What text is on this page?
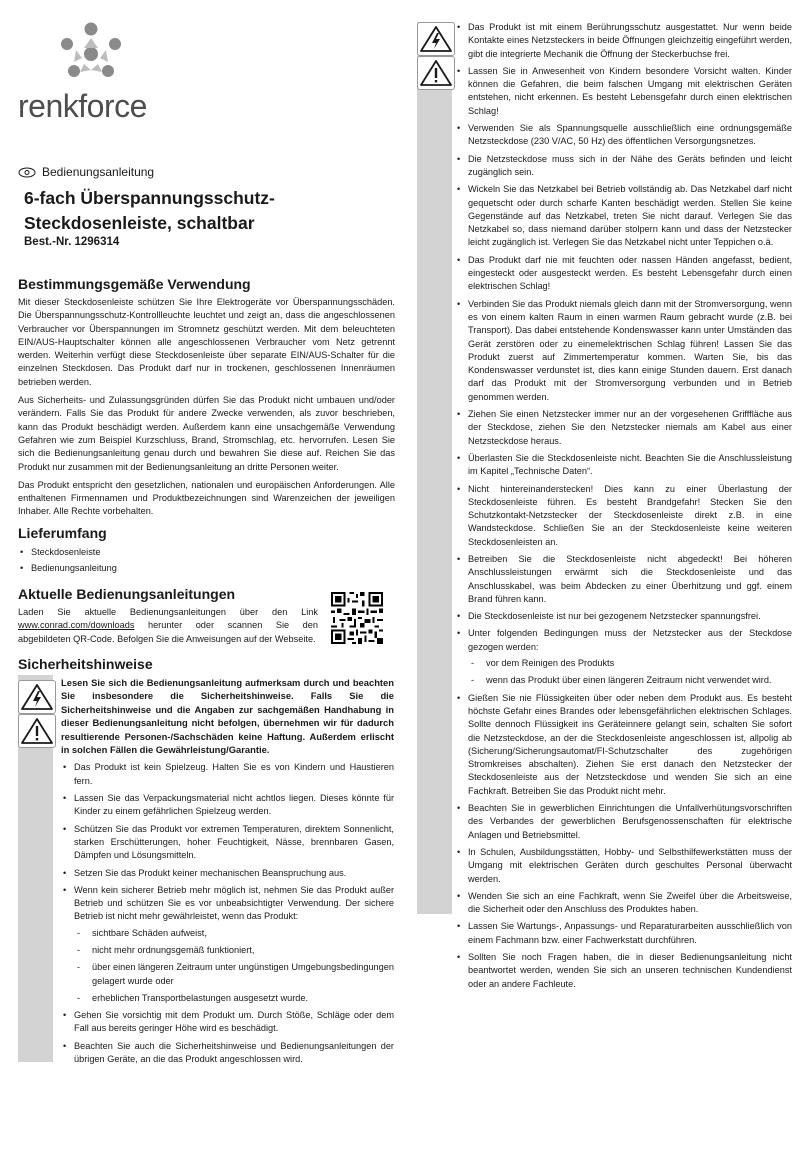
renkforce
Bedienungsanleitung
6-fach Überspannungsschutz-
Steckdosenleiste, schaltbar
Best.-Nr. 1296314
Bestimmungsgemäße Verwendung

Mit dieser Steckdosenleiste schützen Sie Ihre Elektrogeräte vor Überspannungsschäden. Die Überspannungsschutz-Kontrollleuchte leuchtet und zeigt an, dass die angeschlossenen Verbraucher vor Überspannungen im Stromnetz geschützt werden. Mit dem beleuchteten EIN/AUS-Hauptschalter können alle angeschlossenen Verbraucher vom Netz getrennt werden. Weiterhin verfügt diese Steckdosenleiste über separate EIN/AUS-Schalter für die einzelnen Steckdosen. Das Produkt darf nur in trockenen, geschlossenen Innenräumen betrieben werden.

Aus Sicherheits- und Zulassungsgründen dürfen Sie das Produkt nicht umbauen und/oder verändern. Falls Sie das Produkt für andere Zwecke verwenden, als zuvor beschrieben, kann das Produkt beschädigt werden. Außerdem kann eine unsachgemäße Verwendung Gefahren wie zum Beispiel Kurzschluss, Brand, Stromschlag, etc. hervorrufen. Lesen Sie sich die Bedienungsanleitung genau durch und bewahren Sie diese auf. Reichen Sie das Produkt nur zusammen mit der Bedienungsanleitung an dritte Personen weiter.

Das Produkt entspricht den gesetzlichen, nationalen und europäischen Anforderungen. Alle enthaltenen Firmennamen und Produktbezeichnungen sind Warenzeichen der jeweiligen Inhaber. Alle Rechte vorbehalten.

Lieferumfang
• Steckdosenleiste
• Bedienungsanleitung
Aktuelle Bedienungsanleitungen

Laden Sie aktuelle Bedienungsanleitungen über den Link www.conrad.com/downloads herunter oder scannen Sie den abgebildeten QR-Code. Befolgen Sie die Anweisungen auf der Webseite.

Sicherheitshinweise

Lesen Sie sich die Bedienungsanleitung aufmerksam durch und beachten Sie insbesondere die Sicherheitshinweise. Falls Sie die Sicherheitshinweise und die Angaben zur sachgemäßen Handhabung in dieser Bedienungsanleitung nicht befolgen, übernehmen wir für dadurch resultierende Personen-/Sachschäden keine Haftung. Außerdem erlischt in solchen Fällen die Gewährleistung/Garantie.

• Das Produkt ist kein Spielzeug. Halten Sie es von Kindern und Haustieren fern.
• Lassen Sie das Verpackungsmaterial nicht achtlos liegen. Dieses könnte für Kinder zu einem gefährlichen Spielzeug werden.
• Schützen Sie das Produkt vor extremen Temperaturen, direktem Sonnenlicht, starken Erschütterungen, hoher Feuchtigkeit, Nässe, brennbaren Gasen, Dämpfen und Lösungsmitteln.
• Setzen Sie das Produkt keiner mechanischen Beanspruchung aus.
• Wenn kein sicherer Betrieb mehr möglich ist, nehmen Sie das Produkt außer Betrieb und schützen Sie es vor unbeabsichtigter Verwendung. Der sichere Betrieb ist nicht mehr gewährleistet, wenn das Produkt:
- sichtbare Schäden aufweist,
- nicht mehr ordnungsgemäß funktioniert,
- über einen längeren Zeitraum unter ungünstigen Umgebungsbedingungen gelagert wurde oder
- erheblichen Transportbelastungen ausgesetzt wurde.
• Gehen Sie vorsichtig mit dem Produkt um. Durch Stöße, Schläge oder dem Fall aus bereits geringer Höhe wird es beschädigt.
• Beachten Sie auch die Sicherheitshinweise und Bedienungsanleitungen der übrigen Geräte, an die das Produkt angeschlossen wird.
• Das Produkt ist mit einem Berührungsschutz ausgestattet. Nur wenn beide Kontakte eines Netzsteckers in beide Öffnungen gleichzeitig eingeführt werden, gibt die integrierte Mechanik die Öffnung der Steckerbuchse frei.
• Lassen Sie in Anwesenheit von Kindern besondere Vorsicht walten. Kinder können die Gefahren, die beim falschen Umgang mit elektrischen Geräten entstehen, nicht erkennen. Es besteht Lebensgefahr durch einen elektrischen Schlag!
• Verwenden Sie als Spannungsquelle ausschließlich eine ordnungsgemäße Netzsteckdose (230 V/AC, 50 Hz) des öffentlichen Versorgungsnetzes.
• Die Netzsteckdose muss sich in der Nähe des Geräts befinden und leicht zugänglich sein.
• Wickeln Sie das Netzkabel bei Betrieb vollständig ab. Das Netzkabel darf nicht gequetscht oder durch scharfe Kanten beschädigt werden. Stellen Sie keine Gegenstände auf das Netzkabel, treten Sie nicht darauf. Verlegen Sie das Netzkabel so, dass niemand darüber stolpern kann und dass der Netzstecker leicht zugänglich ist. Verlegen Sie das Netzkabel nicht unter Teppichen o.ä.
• Das Produkt darf nie mit feuchten oder nassen Händen angefasst, bedient, eingesteckt oder ausgesteckt werden. Es besteht Lebensgefahr durch einen elektrischen Schlag!
• Verbinden Sie das Produkt niemals gleich dann mit der Stromversorgung, wenn es von einem kalten Raum in einen warmen Raum gebracht wurde (z.B. bei Transport). Das dabei entstehende Kondenswasser kann unter Umständen das Gerät zerstören oder zu einemelektrischen Schlag führen! Lassen Sie das Produkt zuerst auf Zimmertemperatur kommen. Warten Sie, bis das Kondenswasser verdunstet ist, dies kann einige Stunden dauern. Erst danach darf das Produkt mit der Stromversorgung verbunden und in Betrieb genommen werden.
• Ziehen Sie einen Netzstecker immer nur an der vorgesehenen Grifffläche aus der Steckdose, ziehen Sie den Netzstecker niemals am Kabel aus einer Netzsteckdose heraus.
• Überlasten Sie die Steckdosenleiste nicht. Beachten Sie die Anschlussleistung im Kapitel „Technische Daten“.
• Nicht hintereinanderstecken! Dies kann zu einer Überlastung der Steckdosenleiste führen. Es besteht Brandgefahr! Stecken Sie den Schutzkontakt-Netzstecker der Steckdosenleiste direkt z.B. in eine Wandsteckdose. Schließen Sie an der Steckdosenleiste keine weiteren Steckdosenleisten an.
• Betreiben Sie die Steckdosenleiste nicht abgedeckt! Bei höheren Anschlussleistungen erwärmt sich die Steckdosenleiste und das Anschlusskabel, was beim Abdecken zu einer Überhitzung und ggf. einem Brand führen kann.
• Die Steckdosenleiste ist nur bei gezogenem Netzstecker spannungsfrei.
• Unter folgenden Bedingungen muss der Netzstecker aus der Steckdose gezogen werden:
- vor dem Reinigen des Produkts
- wenn das Produkt über einen längeren Zeitraum nicht verwendet wird.
• Gießen Sie nie Flüssigkeiten über oder neben dem Produkt aus. Es besteht höchste Gefahr eines Brandes oder lebensgefährlichen elektrischen Schlages. Sollte dennoch Flüssigkeit ins Geräteinnere gelangt sein, schalten Sie sofort die Netzsteckdose, an der die Steckdosenleiste angeschlossen ist, allpolig ab (Sicherung/Sicherungsautomat/FI-Schutzschalter des zugehörigen Stromkreises abschalten). Ziehen Sie erst danach den Netzstecker der Steckdosenleiste aus der Netzsteckdose und wenden Sie sich an eine Fachkraft. Betreiben Sie das Produkt nicht mehr.
• Beachten Sie in gewerblichen Einrichtungen die Unfallverhütungsvorschriften des Verbandes der gewerblichen Berufsgenossenschaften für elektrische Anlagen und Betriebsmittel.
• In Schulen, Ausbildungsstätten, Hobby- und Selbsthilfewerkstätten muss der Umgang mit elektrischen Geräten durch geschultes Personal überwacht werden.
• Wenden Sie sich an eine Fachkraft, wenn Sie Zweifel über die Arbeitsweise, die Sicherheit oder den Anschluss des Produktes haben.
• Lassen Sie Wartungs-, Anpassungs- und Reparaturarbeiten ausschließlich von einem Fachmann bzw. einer Fachwerkstatt durchführen.
• Sollten Sie noch Fragen haben, die in dieser Bedienungsanleitung nicht beantwortet werden, wenden Sie sich an unseren technischen Kundendienst oder an andere Fachleute.
